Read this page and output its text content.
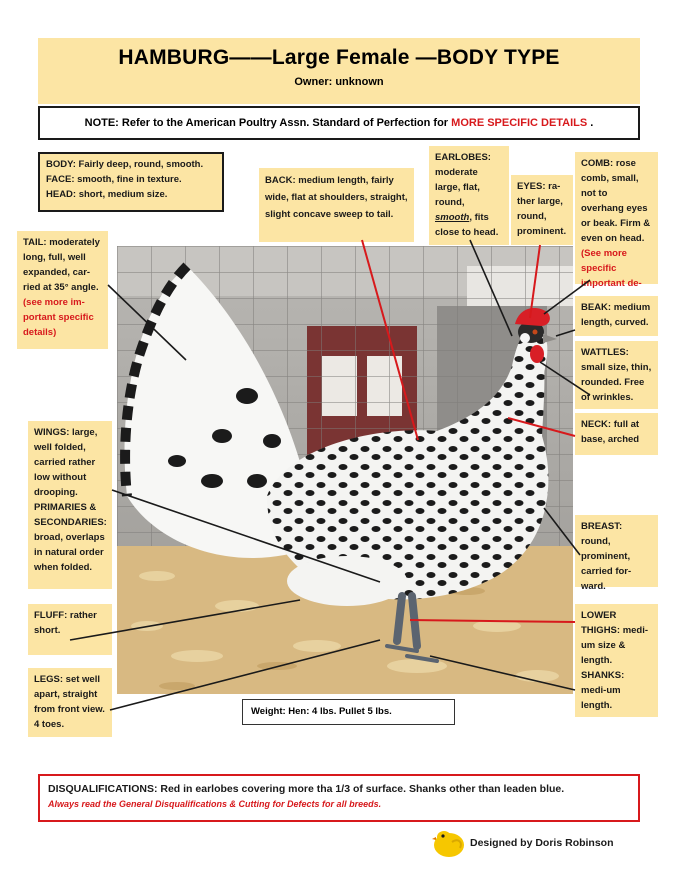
HAMBURG——Large Female —BODY TYPE
Owner: unknown
NOTE: Refer to the American Poultry Assn. Standard of Perfection for MORE SPECIFIC DETAILS .
BODY: Fairly deep, round, smooth.
FACE: smooth, fine in texture.
HEAD: short, medium size.
BACK: medium length, fairly wide, flat at shoulders, straight, slight concave sweep to tail.
EARLOBES: moderate large, flat, round, smooth, fits close to head.
EYES: ra-ther large, round, prominent.
COMB: rose comb, small, not to overhang eyes or beak. Firm & even on head. (See more specific important de-
TAIL: moderately long, full, well expanded, car-ried at 35° angle. (see more im-portant specific details)
BEAK: medium length, curved.
WATTLES: small size, thin, rounded. Free of wrinkles.
NECK: full at base, arched
WINGS: large, well folded, carried rather low without drooping. PRIMARIES & SECONDARIES: broad, overlaps in natural order when folded.
BREAST: round, prominent, carried for-ward.
FLUFF: rather short.
LOWER THIGHS: medi-um size & length.
SHANKS: medi-um length.
LEGS: set well apart, straight from front view. 4 toes.
Weight: Hen: 4 lbs. Pullet 5 lbs.
DISQUALIFICATIONS: Red in earlobes covering more tha 1/3 of surface. Shanks other than leaden blue.
Always read the General Disqualifications & Cutting for Defects for all breeds.
Designed by Doris Robinson
